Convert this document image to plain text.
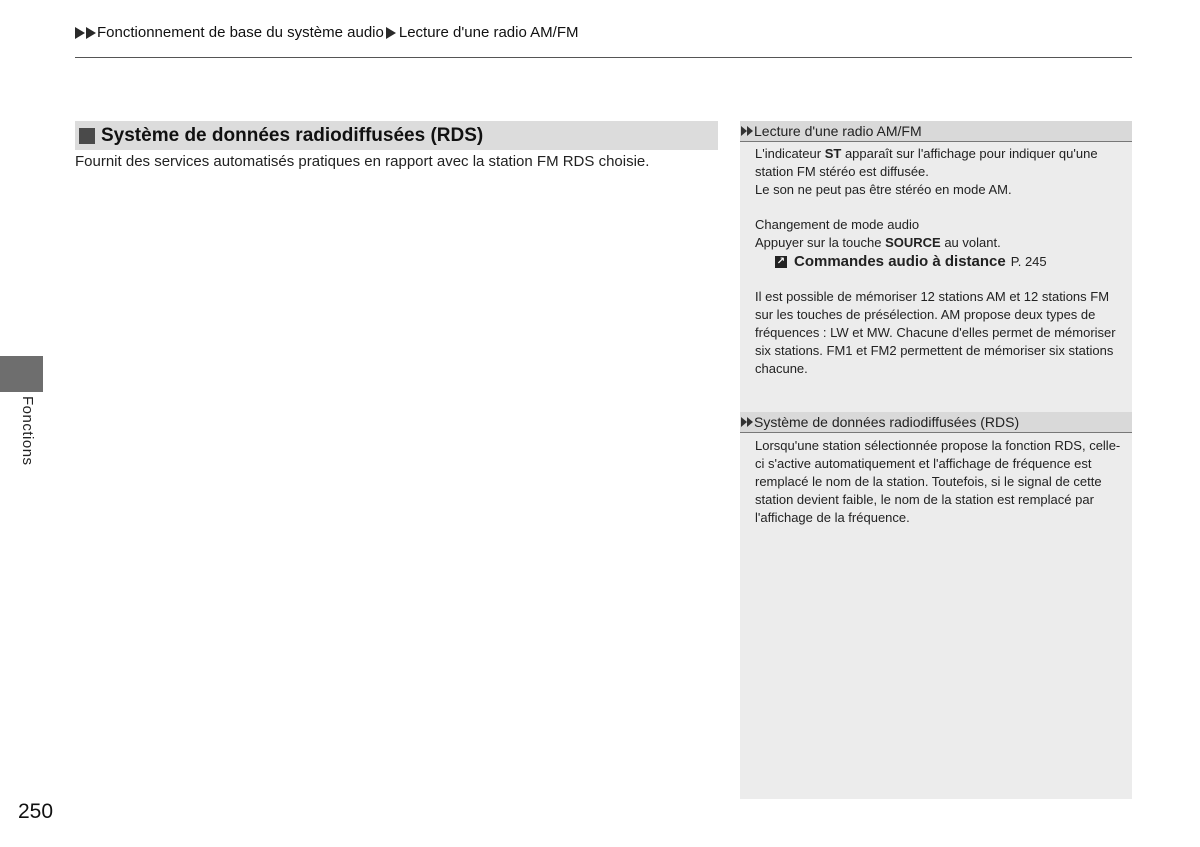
Fonctionnement de base du système audio Lecture d'une radio AM/FM
Système de données radiodiffusées (RDS)
Fournit des services automatisés pratiques en rapport avec la station FM RDS choisie.
Fonctions
250
Lecture d'une radio AM/FM

L'indicateur ST apparaît sur l'affichage pour indiquer qu'une station FM stéréo est diffusée.

Le son ne peut pas être stéréo en mode AM.

Changement de mode audio

Appuyer sur la touche SOURCE au volant.

↗ Commandes audio à distance P. 245

Il est possible de mémoriser 12 stations AM et 12 stations FM sur les touches de présélection. AM propose deux types de fréquences : LW et MW. Chacune d'elles permet de mémoriser six stations. FM1 et FM2 permettent de mémoriser six stations chacune.

Système de données radiodiffusées (RDS)

Lorsqu'une station sélectionnée propose la fonction RDS, celle-ci s'active automatiquement et l'affichage de fréquence est remplacé le nom de la station. Toutefois, si le signal de cette station devient faible, le nom de la station est remplacé par l'affichage de la fréquence.
